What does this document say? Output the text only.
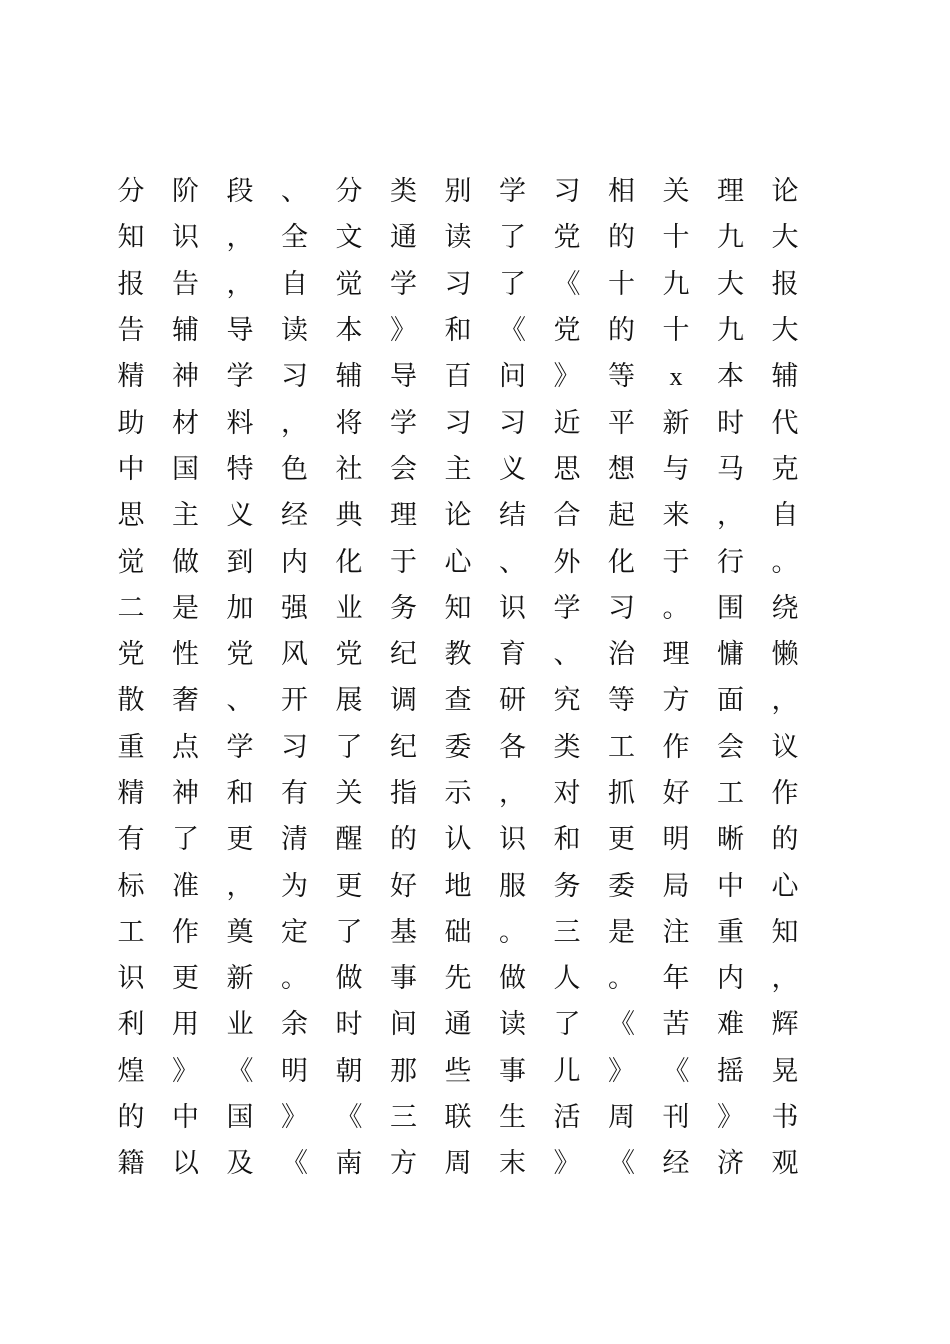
分	阶	段	、	分	类	别	学	习	相	关	理	论
知	识	，	全	文	通	读	了	党	的	十	九	大
报	告	，	自	觉	学	习	了	《	十	九	大	报
告	辅	导	读	本	》	和	《	党	的	十	九	大
精	神	学	习	辅	导	百	问	》	等	x	本	辅
助	材	料	，	将	学	习	习	近	平	新	时	代
中	国	特	色	社	会	主	义	思	想	与	马	克
思	主	义	经	典	理	论	结	合	起	来	，	自
觉	做	到	内	化	于	心	、	外	化	于	行	。
二	是	加	强	业	务	知	识	学	习	。	围	绕
党	性	党	风	党	纪	教	育	、	治	理	慵	懒
散	奢	、	开	展	调	查	研	究	等	方	面	，
重	点	学	习	了	纪	委	各	类	工	作	会	议
精	神	和	有	关	指	示	，	对	抓	好	工	作
有	了	更	清	醒	的	认	识	和	更	明	晰	的
标	准	，	为	更	好	地	服	务	委	局	中	心
工	作	奠	定	了	基	础	。	三	是	注	重	知
识	更	新	。	做	事	先	做	人	。	年	内	，
利	用	业	余	时	间	通	读	了	《	苦	难	辉
煌	》	《	明	朝	那	些	事	儿	》	《	摇	晃
的	中	国	》	《	三	联	生	活	周	刊	》	书
籍	以	及	《	南	方	周	末	》	《	经	济	观
